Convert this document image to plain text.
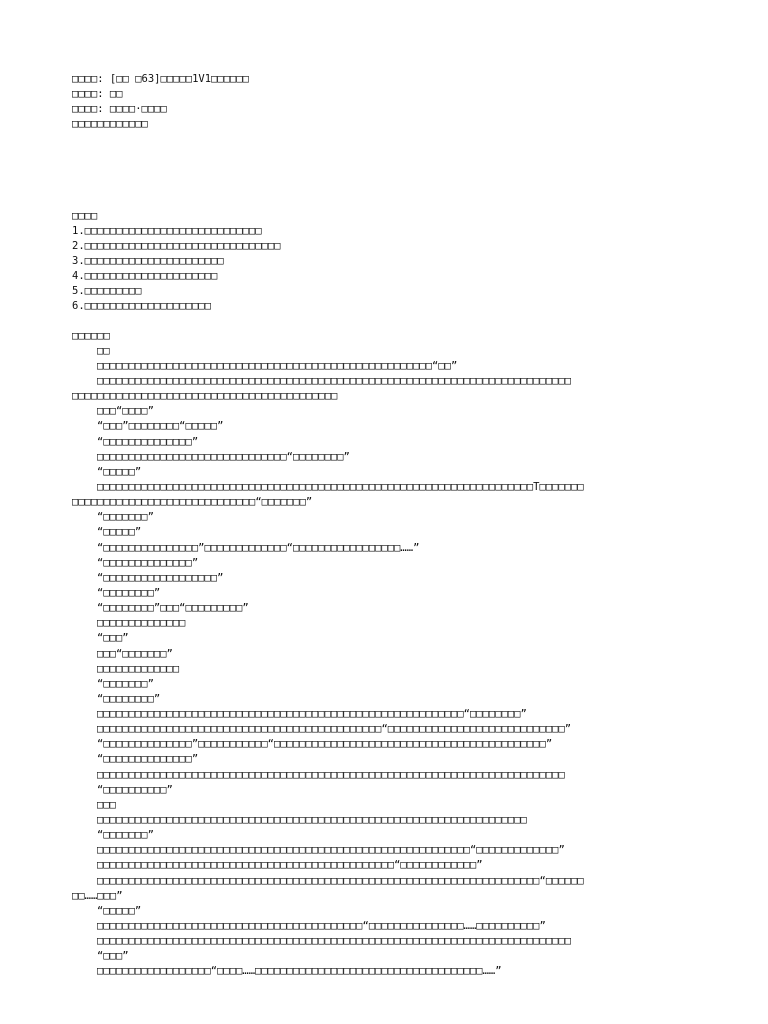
□□□□: [□□ □63]□□□□□1V1□□□□□□
□□□□: □□
□□□□: □□□□·□□□□
□□□□□□□□□□□□
□□□□
1.□□□□□□□□□□□□□□□□□□□□□□□□□□□□
2.□□□□□□□□□□□□□□□□□□□□□□□□□□□□□□□
3.□□□□□□□□□□□□□□□□□□□□□□
4.□□□□□□□□□□□□□□□□□□□□□
5.□□□□□□□□□
6.□□□□□□□□□□□□□□□□□□□□
□□□□□□
□□
□□□□□□□□□□□□□□□□□□□□□□□□□□□□□□□□□□□□□□□□□□□□□□□□□□□□□“□□”
□□□□□□□□□□□□□□□□□□□□□□□□□□□□□□□□□□□□□□□□□□□□□□□□□□□□□□□□□□□□□□□□□□□□□□□□□□□
□□□□□□□□□□□□□□□□□□□□□□□□□□□□□□□□□□□□□□□□□□
□□□“□□□□”
“□□□”□□□□□□□□“□□□□□”
“□□□□□□□□□□□□□□”
□□□□□□□□□□□□□□□□□□□□□□□□□□□□□□“□□□□□□□□”
“□□□□□”
□□□□□□□□□□□□□□□□□□□□□□□□□□□□□□□□□□□□□□□□□□□□□□□□□□□□□□□□□□□□□□□□□□□□□T□□□□□□□
□□□□□□□□□□□□□□□□□□□□□□□□□□□□□“□□□□□□□”
“□□□□□□□”
“□□□□□”
“□□□□□□□□□□□□□□□”□□□□□□□□□□□□□“□□□□□□□□□□□□□□□□□……”
“□□□□□□□□□□□□□□”
“□□□□□□□□□□□□□□□□□□”
“□□□□□□□□”
“□□□□□□□□”□□□“□□□□□□□□□”
□□□□□□□□□□□□□□
“□□□”
□□□“□□□□□□□”
□□□□□□□□□□□□□
“□□□□□□□”
“□□□□□□□□”
□□□□□□□□□□□□□□□□□□□□□□□□□□□□□□□□□□□□□□□□□□□□□□□□□□□□□□□□□□“□□□□□□□□”
□□□□□□□□□□□□□□□□□□□□□□□□□□□□□□□□□□□□□□□□□□□□□“□□□□□□□□□□□□□□□□□□□□□□□□□□□□”
“□□□□□□□□□□□□□□”□□□□□□□□□□□“□□□□□□□□□□□□□□□□□□□□□□□□□□□□□□□□□□□□□□□□□□□”
“□□□□□□□□□□□□□□”
□□□□□□□□□□□□□□□□□□□□□□□□□□□□□□□□□□□□□□□□□□□□□□□□□□□□□□□□□□□□□□□□□□□□□□□□□□
“□□□□□□□□□□”
□□□
□□□□□□□□□□□□□□□□□□□□□□□□□□□□□□□□□□□□□□□□□□□□□□□□□□□□□□□□□□□□□□□□□□□□
“□□□□□□□”
□□□□□□□□□□□□□□□□□□□□□□□□□□□□□□□□□□□□□□□□□□□□□□□□□□□□□□□□□□□“□□□□□□□□□□□□□”
□□□□□□□□□□□□□□□□□□□□□□□□□□□□□□□□□□□□□□□□□□□□□□□“□□□□□□□□□□□□”
□□□□□□□□□□□□□□□□□□□□□□□□□□□□□□□□□□□□□□□□□□□□□□□□□□□□□□□□□□□□□□□□□□□□□□“□□□□□□
□□……□□□”
“□□□□□”
□□□□□□□□□□□□□□□□□□□□□□□□□□□□□□□□□□□□□□□□□□“□□□□□□□□□□□□□□□……□□□□□□□□□□”
□□□□□□□□□□□□□□□□□□□□□□□□□□□□□□□□□□□□□□□□□□□□□□□□□□□□□□□□□□□□□□□□□□□□□□□□□□□
“□□□”
□□□□□□□□□□□□□□□□□□“□□□□……□□□□□□□□□□□□□□□□□□□□□□□□□□□□□□□□□□□□……”
